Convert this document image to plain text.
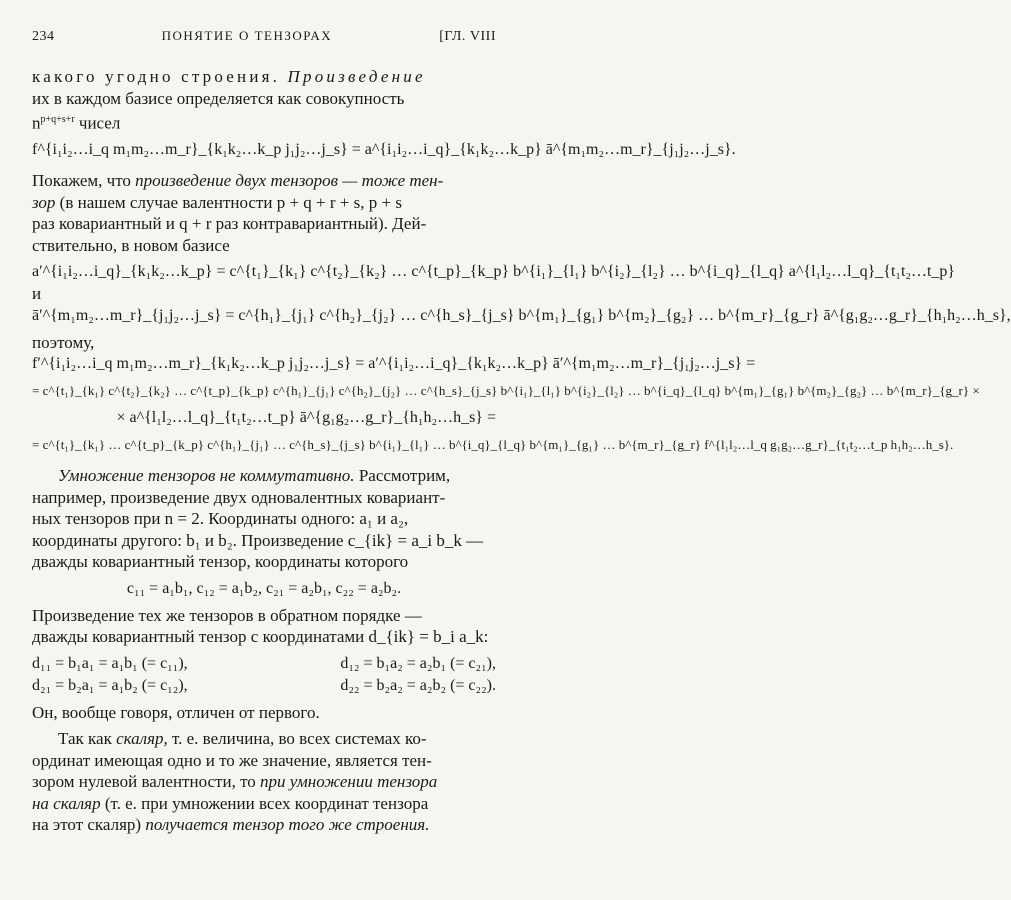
234	ПОНЯТИЕ О ТЕНЗОРАХ	[ГЛ. VIII

какого угодно строения. Произведение

их в каждом базисе определяется как совокупность

$n^{p+q+s+r}$ чисел

f^{i₁i₂…i_q m₁m₂…m_r}_{k₁k₂…k_p j₁j₂…j_s} = a^{i₁i₂…i_q}_{k₁k₂…k_p} ā^{m₁m₂…m_r}_{j₁j₂…j_s}.

Покажем, что произведение двух тензоров — тоже тен-

зор (в нашем случае валентности p + q + r + s, p + s

раз ковариантный и q + r раз контравариантный). Дей-

ствительно, в новом базисе

a′^{i₁i₂…i_q}_{k₁k₂…k_p} = c^{t₁}_{k₁} c^{t₂}_{k₂} … c^{t_p}_{k_p} b^{i₁}_{l₁} b^{i₂}_{l₂} … b^{i_q}_{l_q} a^{l₁l₂…l_q}_{t₁t₂…t_p}

и

ā′^{m₁m₂…m_r}_{j₁j₂…j_s} = c^{h₁}_{j₁} c^{h₂}_{j₂} … c^{h_s}_{j_s} b^{m₁}_{g₁} b^{m₂}_{g₂} … b^{m_r}_{g_r} ā^{g₁g₂…g_r}_{h₁h₂…h_s},

поэтому,

f′^{i₁i₂…i_q m₁m₂…m_r}_{k₁k₂…k_p j₁j₂…j_s} = a′^{i₁i₂…i_q}_{k₁k₂…k_p} ā′^{m₁m₂…m_r}_{j₁j₂…j_s} =

= c^{t₁}_{k₁} c^{t₂}_{k₂} … c^{t_p}_{k_p} c^{h₁}_{j₁} c^{h₂}_{j₂} … c^{h_s}_{j_s} b^{i₁}_{l₁} b^{i₂}_{l₂} … b^{i_q}_{l_q} b^{m₁}_{g₁} b^{m₂}_{g₂} … b^{m_r}_{g_r} ×

× a^{l₁l₂…l_q}_{t₁t₂…t_p} ā^{g₁g₂…g_r}_{h₁h₂…h_s} =

= c^{t₁}_{k₁} … c^{t_p}_{k_p} c^{h₁}_{j₁} … c^{h_s}_{j_s} b^{i₁}_{l₁} … b^{i_q}_{l_q} b^{m₁}_{g₁} … b^{m_r}_{g_r} f^{l₁l₂…l_q g₁g₂…g_r}_{t₁t₂…t_p h₁h₂…h_s}.

Умножение тензоров не коммутативно. Рассмотрим,

например, произведение двух одновалентных ковариант-

ных тензоров при n = 2. Координаты одного: a₁ и a₂,

координаты другого: b₁ и b₂. Произведение c_{ik} = a_i b_k —

дважды ковариантный тензор, координаты которого

c₁₁ = a₁b₁, c₁₂ = a₁b₂, c₂₁ = a₂b₁, c₂₂ = a₂b₂.

Произведение тех же тензоров в обратном порядке —

дважды ковариантный тензор с координатами d_{ik} = b_i a_k:

d₁₁ = b₁a₁ = a₁b₁ (= c₁₁),	d₁₂ = b₁a₂ = a₂b₁ (= c₂₁),
d₂₁ = b₂a₁ = a₁b₂ (= c₁₂),	d₂₂ = b₂a₂ = a₂b₂ (= c₂₂).

Он, вообще говоря, отличен от первого.

Так как скаляр, т. е. величина, во всех системах ко-

ординат имеющая одно и то же значение, является тен-

зором нулевой валентности, то при умножении тензора

на скаляр (т. е. при умножении всех координат тензора

на этот скаляр) получается тензор того же строения.
